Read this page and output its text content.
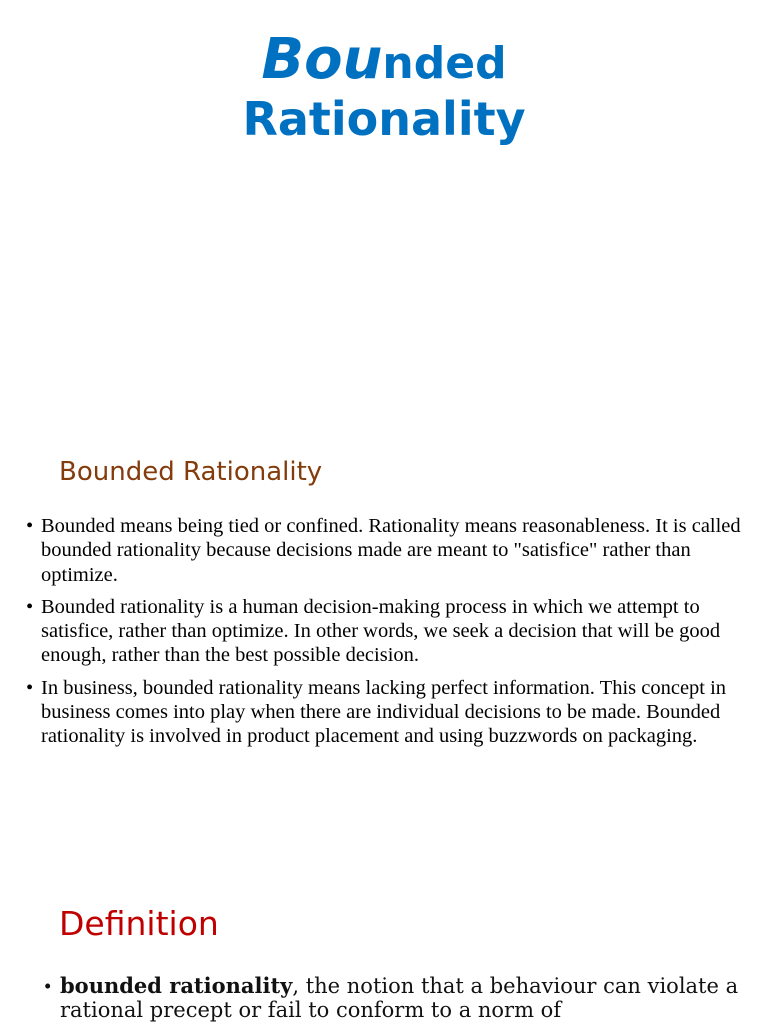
Bounded
Rationality
Bounded Rationality
• Bounded means being tied or confined. Rationality means reasonableness. It is called bounded rationality because decisions made are meant to "satisfice" rather than optimize.
• Bounded rationality is a human decision-making process in which we attempt to satisfice, rather than optimize. In other words, we seek a decision that will be good enough, rather than the best possible decision.
• In business, bounded rationality means lacking perfect information. This concept in business comes into play when there are individual decisions to be made. Bounded rationality is involved in product placement and using buzzwords on packaging.
Definition
• bounded rationality, the notion that a behaviour can violate a rational precept or fail to conform to a norm of
